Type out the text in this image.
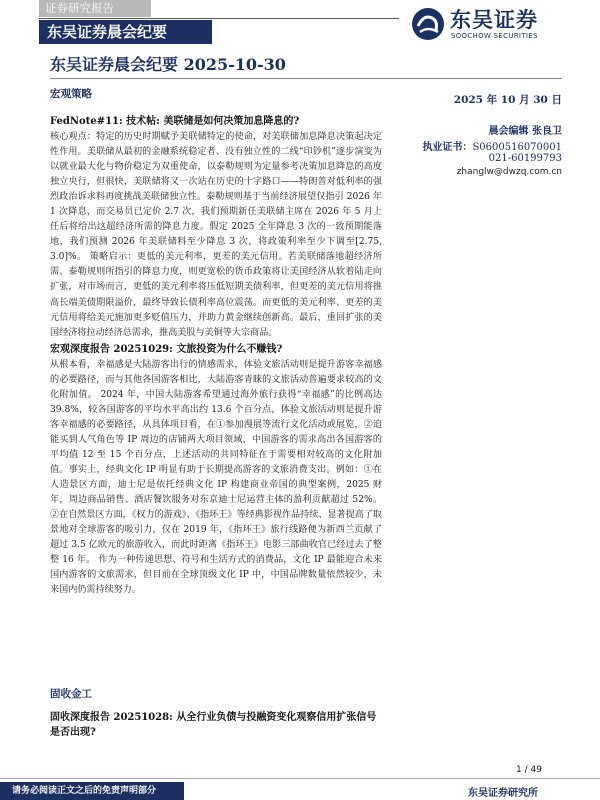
证券研究报告
东吴证券晨会纪要	东吴证券
SOOCHOW SECURITIES
东吴证券晨会纪要 2025-10-30
宏观策略
FedNote#11: 技术帖: 美联储是如何决策加息降息的?

核心观点：特定的历史时期赋予美联储特定的使命，对美联储加息降息决策起决定性作用。美联储从最初的金融系统稳定者、没有独立性的二线“印钞机”逐步演变为以就业最大化与物价稳定为双重使命，以泰勒规则为定量参考决策加息降息的高度独立央行，但很快，美联储将又一次站在历史的十字路口——特朗普对低利率的强烈政治诉求料再度挑战美联储独立性。泰勒规则基于当前经济展望仅指引 2026 年 1 次降息，而交易员已定价 2.7 次，我们预期新任美联储主席在 2026 年 5 月上任后将给出这超经济所需的降息力度。假定 2025 全年降息 3 次的一致预期能落地，我们预测 2026 年美联储料至少降息 3 次，将政策利率至少下调至[2.75, 3.0]%。 策略启示：更低的美元利率，更差的美元信用。若美联储落地超经济所需、泰勒规则所指引的降息力度，则更宽松的货币政策将让美国经济从软着陆走向扩张，对市场而言，更低的美元利率将压低短期美债利率，但更差的美元信用将推高长端美债期限溢价，最终导致长债利率高位震荡。而更低的美元利率、更差的美元信用将给美元施加更多贬值压力，并助力黄金继续创新高。最后，重回扩张的美国经济将拉动经济总需求，推高美股与美铜等大宗商品。

宏观深度报告 20251029: 文旅投资为什么不赚钱?

从根本看，幸福感是大陆游客出行的情感需求，体验文旅活动则是提升游客幸福感的必要路径，而与其他各国游客相比，大陆游客青睐的文旅活动普遍要求较高的文化附加值。 2024 年，中国大陆游客希望通过海外旅行获得“幸福感”的比例高达 39.8%，较各国游客的平均水平高出约 13.6 个百分点，体验文旅活动则是提升游客幸福感的必要路径，从具体项目看，在①参加漫展等流行文化活动或展览，②追能买到人气角色等 IP 周边的店铺两大项目领域，中国游客的需求高出各国游客的平均值 12 至 15 个百分点，上述活动的共同特征在于需要相对较高的文化附加值。事实上，经典文化 IP 明显有助于长期提高游客的文旅消费支出。例如：①在人造景区方面，迪士尼是依托经典文化 IP 构建商业帝国的典型案例，2025 财年，周边商品销售、酒店餐饮服务对东京迪士尼运营主体的盈利贡献超过 52%。 ②在自然景区方面，《权力的游戏》、《指环王》等经典影视作品持续、显著提高了取景地对全球游客的吸引力，仅在 2019 年，《指环王》旅行线路便为新西兰贡献了超过 3.5 亿欧元的旅游收入，而此时距离《指环王》电影三部曲收官已经过去了整整 16 年。 作为一种传递思想、符号和生活方式的消费品，文化 IP 最能迎合未来国内游客的文旅需求，但目前在全球顶级文化 IP 中，中国品牌数量依然较少，未来国内仍需持续努力。

固收金工
固收深度报告 20251028: 从全行业负债与投融资变化观察信用扩张信号是否出现?
2025 年 10 月 30 日
晨会编辑 张良卫
执业证书：S0600516070001
021-60199793
zhanglw@dwzq.com.cn
1 / 49
请务必阅读正文之后的免责声明部分	东吴证券研究所
